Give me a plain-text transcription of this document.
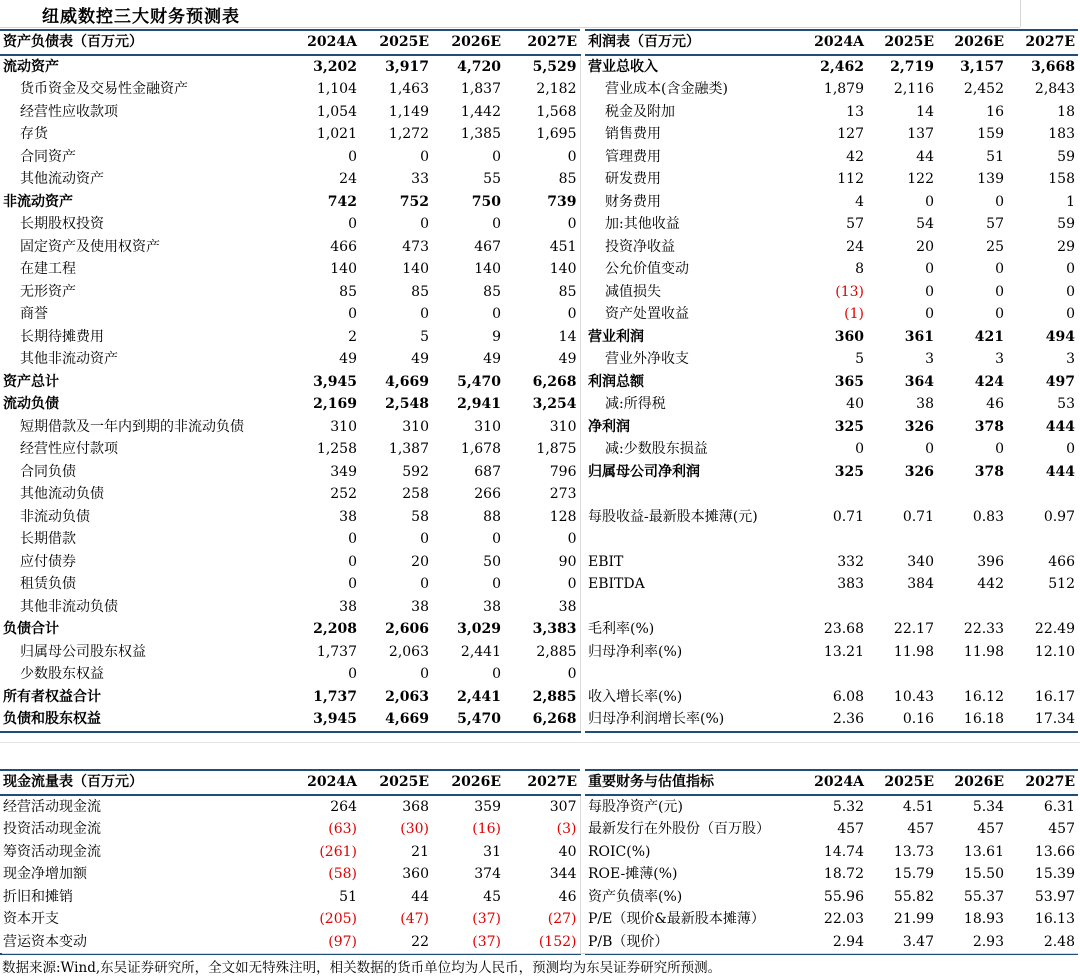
纽威数控三大财务预测表
资产负债表（百万元）	2024A	2025E	2026E	2027E
流动资产	3,202	3,917	4,720	5,529
货币资金及交易性金融资产	1,104	1,463	1,837	2,182
经营性应收款项	1,054	1,149	1,442	1,568
存货	1,021	1,272	1,385	1,695
合同资产	0	0	0	0
其他流动资产	24	33	55	85
非流动资产	742	752	750	739
长期股权投资	0	0	0	0
固定资产及使用权资产	466	473	467	451
在建工程	140	140	140	140
无形资产	85	85	85	85
商誉	0	0	0	0
长期待摊费用	2	5	9	14
其他非流动资产	49	49	49	49
资产总计	3,945	4,669	5,470	6,268
流动负债	2,169	2,548	2,941	3,254
短期借款及一年内到期的非流动负债	310	310	310	310
经营性应付款项	1,258	1,387	1,678	1,875
合同负债	349	592	687	796
其他流动负债	252	258	266	273
非流动负债	38	58	88	128
长期借款	0	0	0	0
应付债券	0	20	50	90
租赁负债	0	0	0	0
其他非流动负债	38	38	38	38
负债合计	2,208	2,606	3,029	3,383
归属母公司股东权益	1,737	2,063	2,441	2,885
少数股东权益	0	0	0	0
所有者权益合计	1,737	2,063	2,441	2,885
负债和股东权益	3,945	4,669	5,470	6,268
利润表（百万元）	2024A	2025E	2026E	2027E
营业总收入	2,462	2,719	3,157	3,668
营业成本(含金融类)	1,879	2,116	2,452	2,843
税金及附加	13	14	16	18
销售费用	127	137	159	183
管理费用	42	44	51	59
研发费用	112	122	139	158
财务费用	4	0	0	1
加:其他收益	57	54	57	59
投资净收益	24	20	25	29
公允价值变动	8	0	0	0
减值损失	(13)	0	0	0
资产处置收益	(1)	0	0	0
营业利润	360	361	421	494
营业外净收支	5	3	3	3
利润总额	365	364	424	497
减:所得税	40	38	46	53
净利润	325	326	378	444
减:少数股东损益	0	0	0	0
归属母公司净利润	325	326	378	444

每股收益-最新股本摊薄(元)	0.71	0.71	0.83	0.97

EBIT	332	340	396	466
EBITDA	383	384	442	512

毛利率(%)	23.68	22.17	22.33	22.49
归母净利率(%)	13.21	11.98	11.98	12.10

收入增长率(%)	6.08	10.43	16.12	16.17
归母净利润增长率(%)	2.36	0.16	16.18	17.34
现金流量表（百万元）	2024A	2025E	2026E	2027E
经营活动现金流	264	368	359	307
投资活动现金流	(63)	(30)	(16)	(3)
筹资活动现金流	(261)	21	31	40
现金净增加额	(58)	360	374	344
折旧和摊销	51	44	45	46
资本开支	(205)	(47)	(37)	(27)
营运资本变动	(97)	22	(37)	(152)
重要财务与估值指标	2024A	2025E	2026E	2027E
每股净资产(元)	5.32	4.51	5.34	6.31
最新发行在外股份（百万股）	457	457	457	457
ROIC(%)	14.74	13.73	13.61	13.66
ROE-摊薄(%)	18.72	15.79	15.50	15.39
资产负债率(%)	55.96	55.82	55.37	53.97
P/E（现价&最新股本摊薄）	22.03	21.99	18.93	16.13
P/B（现价）	2.94	3.47	2.93	2.48
数据来源:Wind,东吴证券研究所，全文如无特殊注明，相关数据的货币单位均为人民币，预测均为东吴证券研究所预测。
